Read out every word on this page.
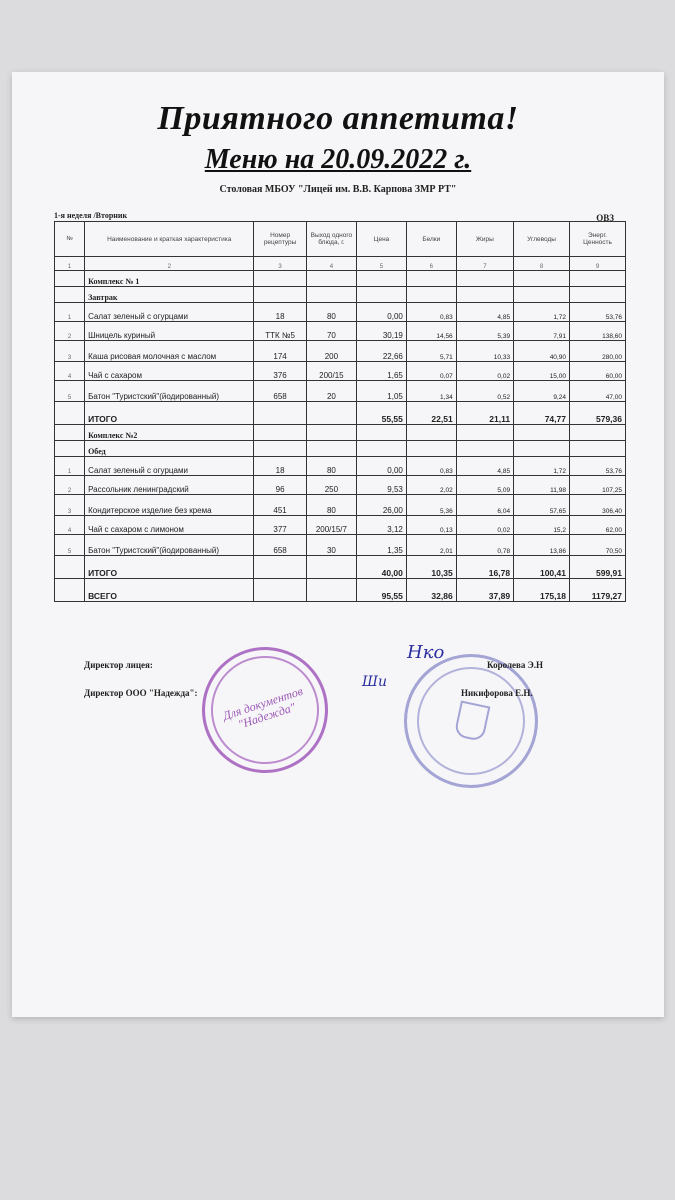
Приятного аппетита!
Меню на 20.09.2022 г.
Столовая МБОУ "Лицей им. В.В. Карпова ЗМР РТ"
1-я неделя /Вторник	ОВЗ
№	Наименование и краткая характеристика	Номер рецептуры	Выход одного блюда, г.	Цена	Белки	Жиры	Углеводы	Энерг. Ценность
1	2	3	4	5	6	7	8	9
	Комплекс № 1							
	Завтрак							
1	Салат зеленый с огурцами	18	80	0,00	0,83	4,85	1,72	53,76
2	Шницель куриный	ТТК №5	70	30,19	14,56	5,39	7,91	138,60
3	Каша рисовая молочная с маслом	174	200	22,66	5,71	10,33	40,90	280,00
4	Чай с сахаром	376	200/15	1,65	0,07	0,02	15,00	60,00
5	Батон "Туристский"(йодированный)	658	20	1,05	1,34	0,52	9,24	47,00
	ИТОГО			55,55	22,51	21,11	74,77	579,36
	Комплекс №2							
	Обед							
1	Салат зеленый с огурцами	18	80	0,00	0,83	4,85	1,72	53,76
2	Рассольник ленинградский	96	250	9,53	2,02	5,09	11,98	107,25
3	Кондитерское изделие без крема	451	80	26,00	5,36	6,04	57,65	306,40
4	Чай с сахаром с лимоном	377	200/15/7	3,12	0,13	0,02	15,2	62,00
5	Батон "Туристский"(йодированный)	658	30	1,35	2,01	0,78	13,86	70,50
	ИТОГО			40,00	10,35	16,78	100,41	599,91
	ВСЕГО			95,55	32,86	37,89	175,18	1179,27
Для документов "Надежда"
Нко
Ши
Директор лицея:
Директор ООО "Надежда":
Королева Э.Н
Никифорова Е.Н.
